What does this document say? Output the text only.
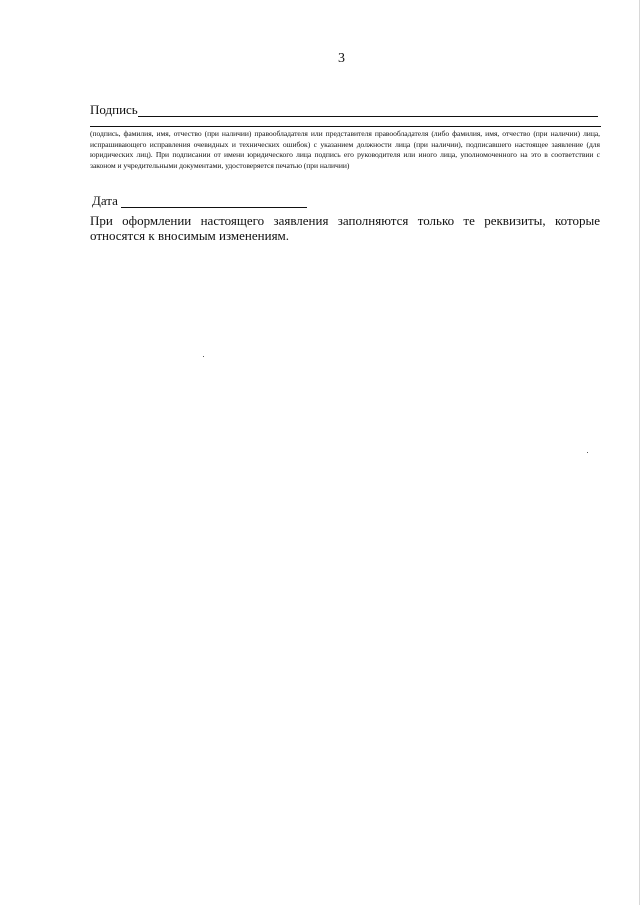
3
Подпись
(подпись, фамилия, имя, отчество (при наличии) правообладателя или представителя правообладателя (либо фамилия, имя, отчество (при наличии) лица, испрашивающего исправления очевидных и технических ошибок) с указанием должности лица (при наличии), подписавшего настоящее заявление (для юридических лиц). При подписании от имени юридического лица подпись его руководителя или иного лица, уполномоченного на это в соответствии с законом и учредительными документами, удостоверяется печатью (при наличии)
Дата
При оформлении настоящего заявления заполняются только те реквизиты, которые относятся к вносимым изменениям.
